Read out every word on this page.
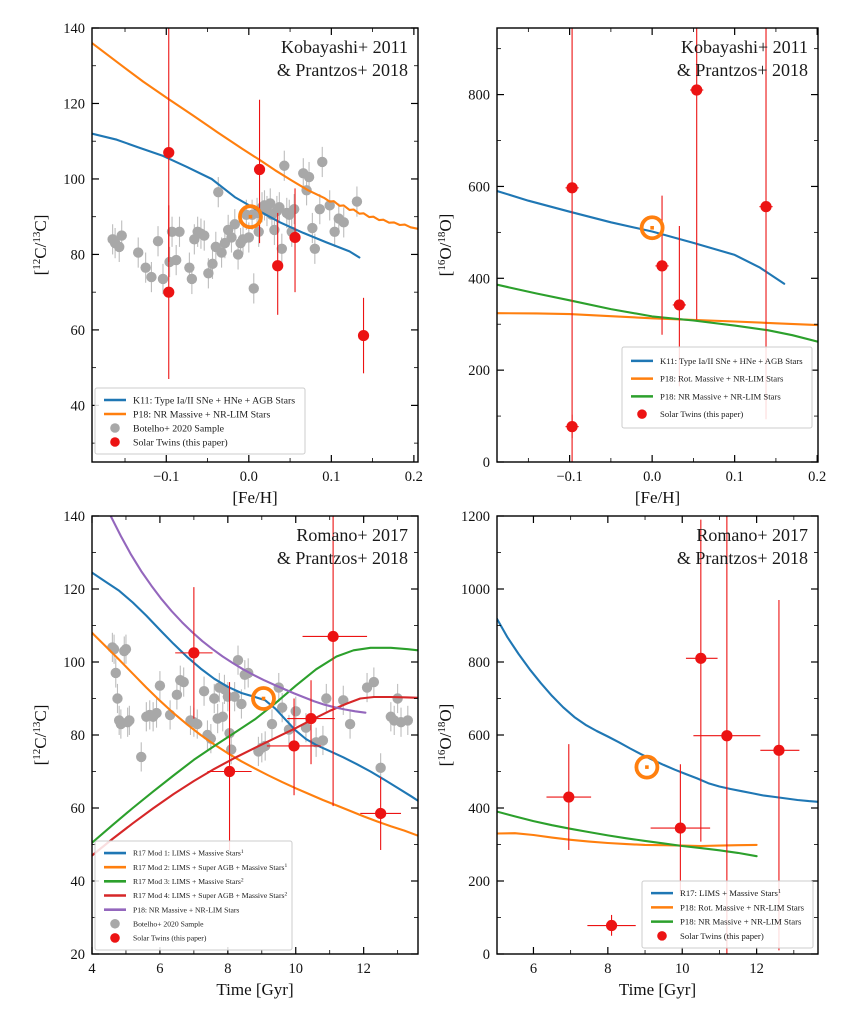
−0.1	0.0	0.1	0.2
40
60
80
100
120
140
Kobayashi+ 2011
& Prantzos+ 2018
[Fe/H]
[$^{12}$C/$^{13}$C]
K11: Type Ia/II SNe + HNe + AGB Stars
P18: NR Massive + NR-LIM Stars
Botelho+ 2020 Sample
Solar Twins (this paper)
−0.1	0.0	0.1	0.2
0
200
400
600
800
Kobayashi+ 2011
& Prantzos+ 2018
[Fe/H]
[$^{16}$O/$^{18}$O]
K11: Type Ia/II SNe + HNe + AGB Stars
P18: Rot. Massive + NR-LIM Stars
P18: NR Massive + NR-LIM Stars
Solar Twins (this paper)
4	6	8	10	12
20
40
60
80
100
120
140
Romano+ 2017
& Prantzos+ 2018
Time [Gyr]
[$^{12}$C/$^{13}$C]
R17 Mod 1: LIMS + Massive Stars$^1$
R17 Mod 2: LIMS + Super AGB + Massive Stars$^1$
R17 Mod 3: LIMS + Massive Stars$^2$
R17 Mod 4: LIMS + Super AGB + Massive Stars$^2$
P18: NR Massive + NR-LIM Stars
Botelho+ 2020 Sample
Solar Twins (this paper)
6	8	10	12
0
200
400
600
800
1000
1200
Romano+ 2017
& Prantzos+ 2018
Time [Gyr]
[$^{16}$O/$^{18}$O]
R17: LIMS + Massive Stars$^1$
P18: Rot. Massive + NR-LIM Stars
P18: NR Massive + NR-LIM Stars
Solar Twins (this paper)
